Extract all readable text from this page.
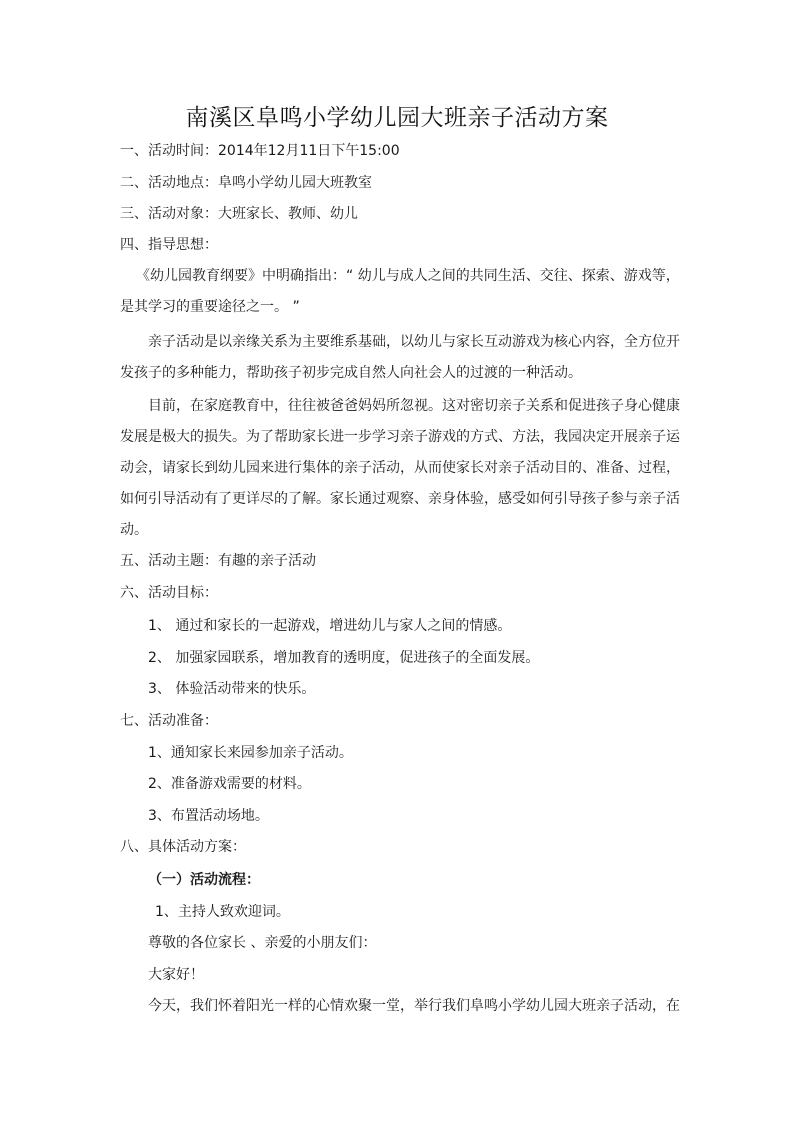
南溪区阜鸣小学幼儿园大班亲子活动方案
一、活动时间：2014年12月11日下午15:00
二、活动地点：阜鸣小学幼儿园大班教室
三、活动对象：大班家长、教师、幼儿
四、指导思想：
《幼儿园教育纲要》中明确指出：“ 幼儿与成人之间的共同生活、交往、探索、游戏等，
是其学习的重要途径之一。 ”
亲子活动是以亲缘关系为主要维系基础，以幼儿与家长互动游戏为核心内容，全方位开
发孩子的多种能力，帮助孩子初步完成自然人向社会人的过渡的一种活动。
目前，在家庭教育中，往往被爸爸妈妈所忽视。这对密切亲子关系和促进孩子身心健康
发展是极大的损失。为了帮助家长进一步学习亲子游戏的方式、方法，我园决定开展亲子运
动会，请家长到幼儿园来进行集体的亲子活动，从而使家长对亲子活动目的、准备、过程，
如何引导活动有了更详尽的了解。家长通过观察、亲身体验，感受如何引导孩子参与亲子活
动。
五、活动主题：有趣的亲子活动
六、活动目标：
1、 通过和家长的一起游戏，增进幼儿与家人之间的情感。
2、 加强家园联系，增加教育的透明度，促进孩子的全面发展。
3、 体验活动带来的快乐。
七、活动准备：
1、通知家长来园参加亲子活动。
2、准备游戏需要的材料。
3、布置活动场地。
八、具体活动方案：
（一）活动流程：
1、主持人致欢迎词。
尊敬的各位家长 、亲爱的小朋友们：
大家好！
今天，我们怀着阳光一样的心情欢聚一堂，举行我们阜鸣小学幼儿园大班亲子活动，在
